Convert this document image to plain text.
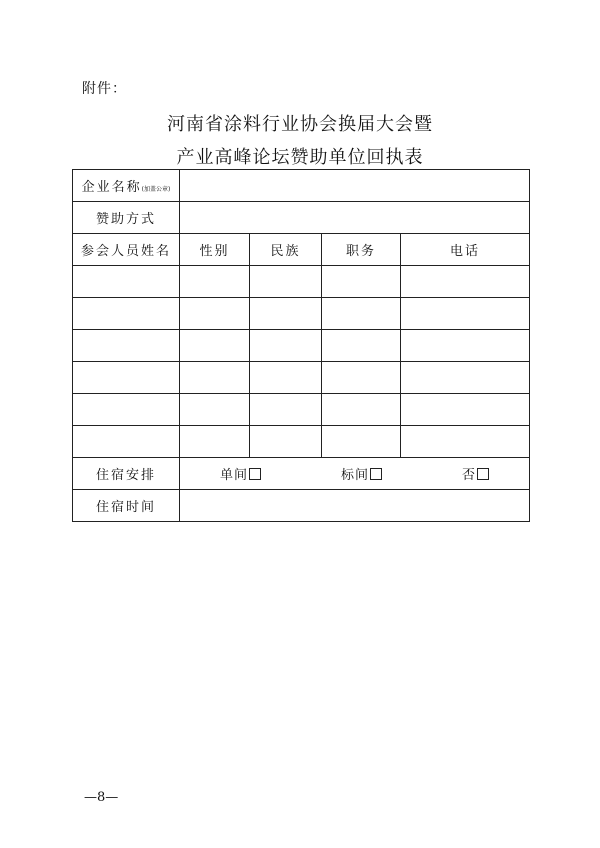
附件：
河南省涂料行业协会换届大会暨
产业高峰论坛赞助单位回执表
企业名称(加盖公章)				
赞助方式				
参会人员姓名	性别	民族	职务	电话

住宿安排	单间 标间 否			

住宿时间				
—8—
